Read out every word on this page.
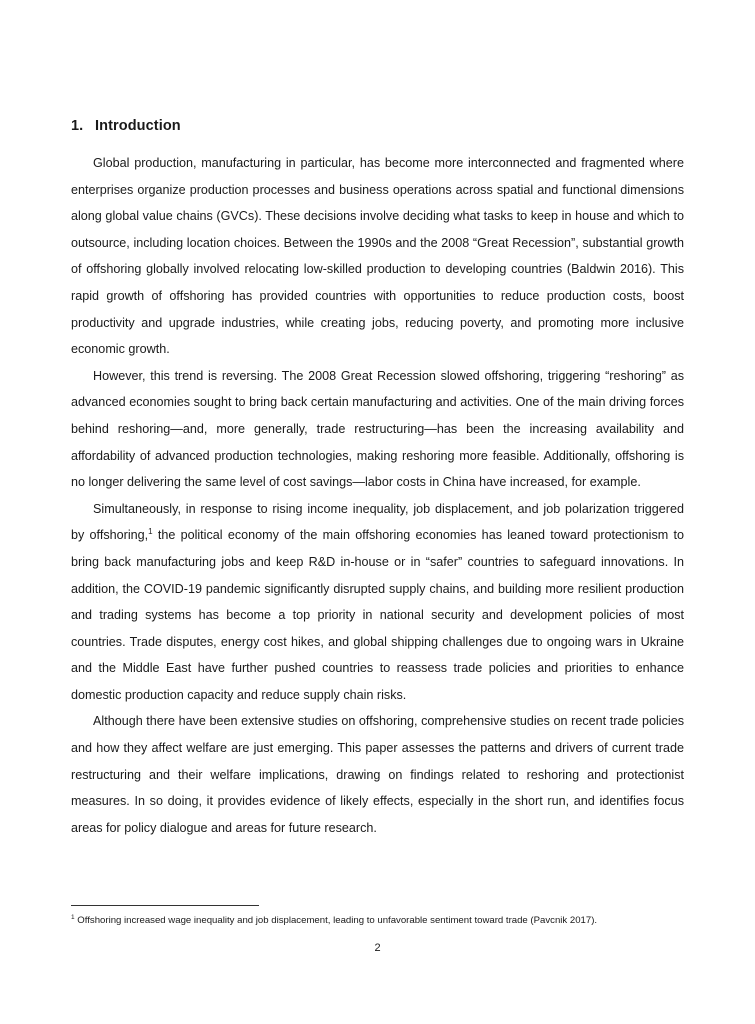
1. Introduction

Global production, manufacturing in particular, has become more interconnected and fragmented where enterprises organize production processes and business operations across spatial and functional dimensions along global value chains (GVCs). These decisions involve deciding what tasks to keep in house and which to outsource, including location choices. Between the 1990s and the 2008 “Great Recession”, substantial growth of offshoring globally involved relocating low-skilled production to developing countries (Baldwin 2016). This rapid growth of offshoring has provided countries with opportunities to reduce production costs, boost productivity and upgrade industries, while creating jobs, reducing poverty, and promoting more inclusive economic growth.

However, this trend is reversing. The 2008 Great Recession slowed offshoring, triggering “reshoring” as advanced economies sought to bring back certain manufacturing and activities. One of the main driving forces behind reshoring—and, more generally, trade restructuring—has been the increasing availability and affordability of advanced production technologies, making reshoring more feasible. Additionally, offshoring is no longer delivering the same level of cost savings—labor costs in China have increased, for example.

Simultaneously, in response to rising income inequality, job displacement, and job polarization triggered by offshoring,$^1$ the political economy of the main offshoring economies has leaned toward protectionism to bring back manufacturing jobs and keep R&D in-house or in “safer” countries to safeguard innovations. In addition, the COVID-19 pandemic significantly disrupted supply chains, and building more resilient production and trading systems has become a top priority in national security and development policies of most countries. Trade disputes, energy cost hikes, and global shipping challenges due to ongoing wars in Ukraine and the Middle East have further pushed countries to reassess trade policies and priorities to enhance domestic production capacity and reduce supply chain risks.

Although there have been extensive studies on offshoring, comprehensive studies on recent trade policies and how they affect welfare are just emerging. This paper assesses the patterns and drivers of current trade restructuring and their welfare implications, drawing on findings related to reshoring and protectionist measures. In so doing, it provides evidence of likely effects, especially in the short run, and identifies focus areas for policy dialogue and areas for future research.

$^1$ Offshoring increased wage inequality and job displacement, leading to unfavorable sentiment toward trade (Pavcnik 2017).
2
